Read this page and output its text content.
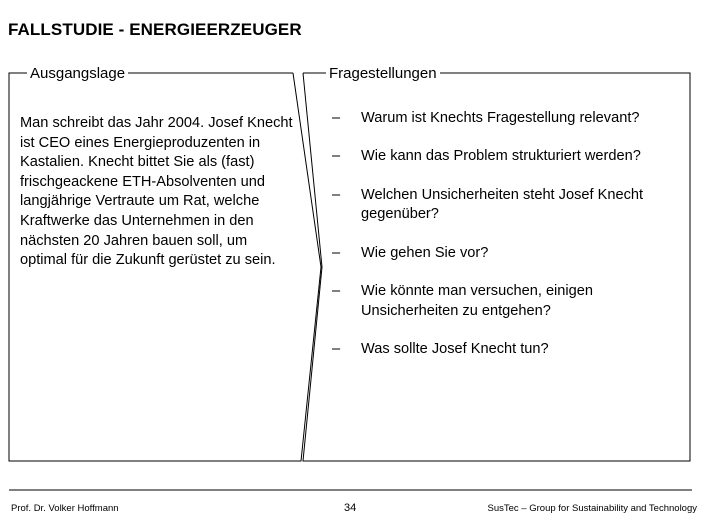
FALLSTUDIE - ENERGIEERZEUGER
Ausgangslage	Fragestellungen
Man schreibt das Jahr 2004. Josef Knecht ist CEO eines Energieproduzenten in Kastalien. Knecht bittet Sie als (fast) frischgeackene ETH-Absolventen und langjährige Vertraute um Rat, welche Kraftwerke das Unternehmen in den nächsten 20 Jahren bauen soll, um optimal für die Zukunft gerüstet zu sein.
– Warum ist Knechts Fragestellung relevant?
– Wie kann das Problem strukturiert werden?
– Welchen Unsicherheiten steht Josef Knecht gegenüber?
– Wie gehen Sie vor?
– Wie könnte man versuchen, einigen Unsicherheiten zu entgehen?
– Was sollte Josef Knecht tun?
Prof. Dr. Volker Hoffmann	34	SusTec – Group for Sustainability and Technology
